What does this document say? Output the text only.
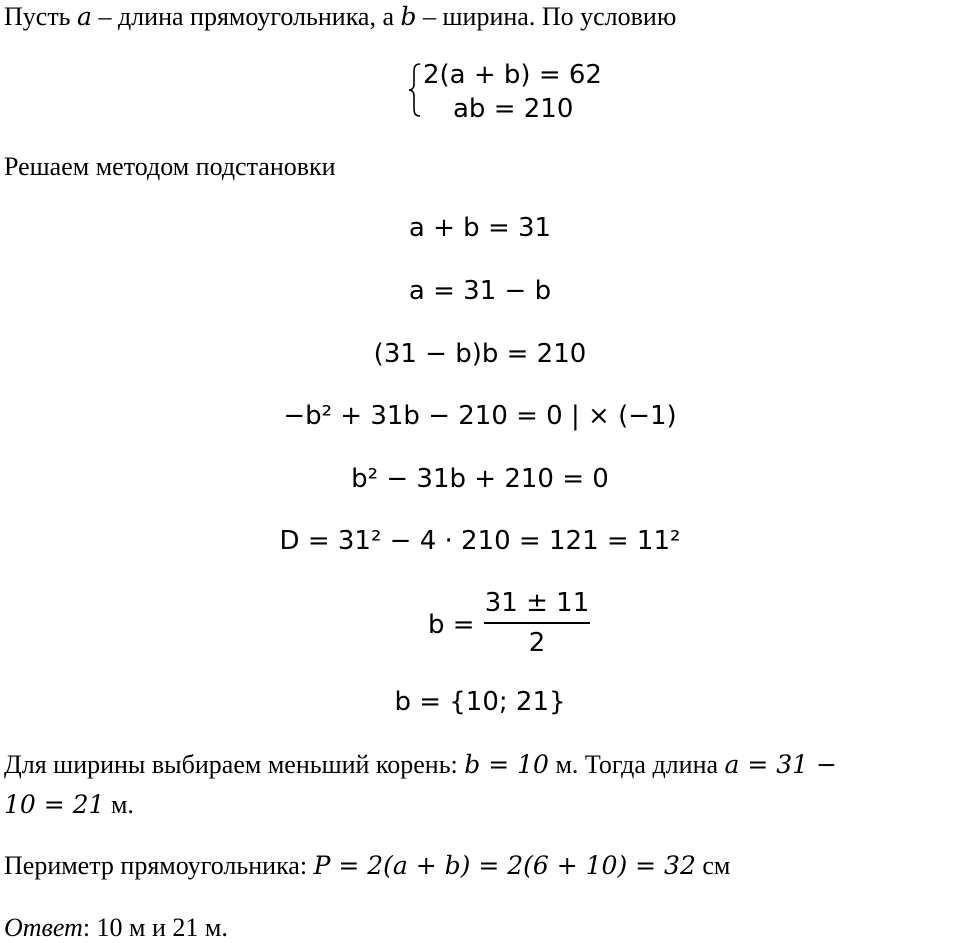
Пусть a – длина прямоугольника, а b – ширина. По условию
2(a + b) = 62
ab = 210
Решаем методом подстановки
a + b = 31
a = 31 − b
(31 − b)b = 210
−b² + 31b − 210 = 0 | × (−1)
b² − 31b + 210 = 0
D = 31² − 4 · 210 = 121 = 11²
b =
31 ± 11
2
b = {10; 21}
Для ширины выбираем меньший корень: b = 10 м. Тогда длина a = 31 −
10 = 21 м.
Периметр прямоугольника: P = 2(a + b) = 2(6 + 10) = 32 см
Ответ: 10 м и 21 м.
